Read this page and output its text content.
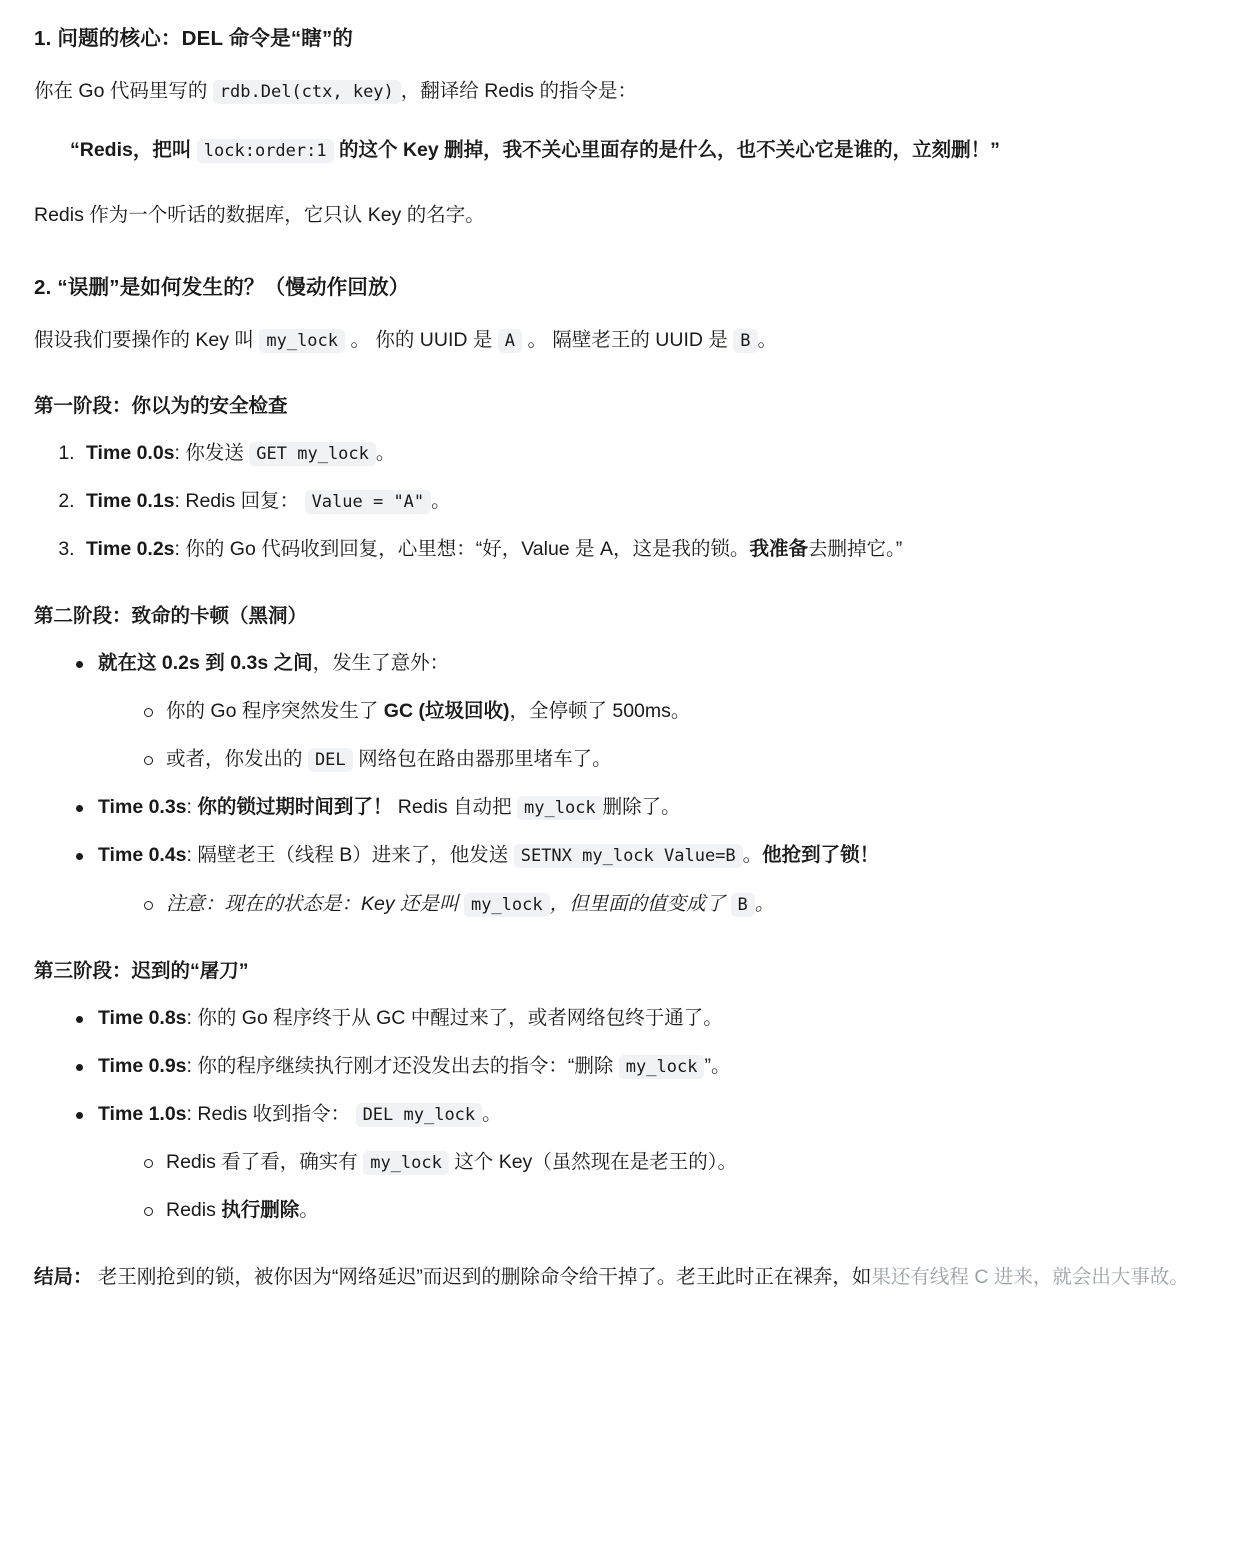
1. 问题的核心：DEL 命令是“瞎”的

你在 Go 代码里写的 rdb.Del(ctx, key) ，翻译给 Redis 的指令是：

“Redis，把叫 lock:order:1 的这个 Key 删掉，我不关心里面存的是什么，也不关心它是谁的，立刻删！”

Redis 作为一个听话的数据库，它只认 Key 的名字。

2. “误删”是如何发生的？（慢动作回放）

假设我们要操作的 Key 叫 my_lock 。 你的 UUID 是 A 。 隔壁老王的 UUID 是 B 。

第一阶段：你以为的安全检查
1. Time 0.0s: 你发送 GET my_lock 。
2. Time 0.1s: Redis 回复： Value = "A" 。
3. Time 0.2s: 你的 Go 代码收到回复，心里想：“好，Value 是 A，这是我的锁。我准备去删掉它。”
第二阶段：致命的卡顿（黑洞）
就在这 0.2s 到 0.3s 之间，发生了意外：
你的 Go 程序突然发生了 GC (垃圾回收)，全停顿了 500ms。
或者，你发出的 DEL 网络包在路由器那里堵车了。
Time 0.3s: 你的锁过期时间到了！ Redis 自动把 my_lock 删除了。
Time 0.4s: 隔壁老王（线程 B）进来了，他发送 SETNX my_lock Value=B 。他抢到了锁！
注意：现在的状态是：Key 还是叫 my_lock ，但里面的值变成了 B 。
第三阶段：迟到的“屠刀”
Time 0.8s: 你的 Go 程序终于从 GC 中醒过来了，或者网络包终于通了。
Time 0.9s: 你的程序继续执行刚才还没发出去的指令：“删除 my_lock ”。
Time 1.0s: Redis 收到指令： DEL my_lock 。
Redis 看了看，确实有 my_lock 这个 Key（虽然现在是老王的）。
Redis 执行删除。

结局： 老王刚抢到的锁，被你因为“网络延迟”而迟到的删除命令给干掉了。老王此时正在裸奔，如果还有线程 C 进来，就会出大事故。
